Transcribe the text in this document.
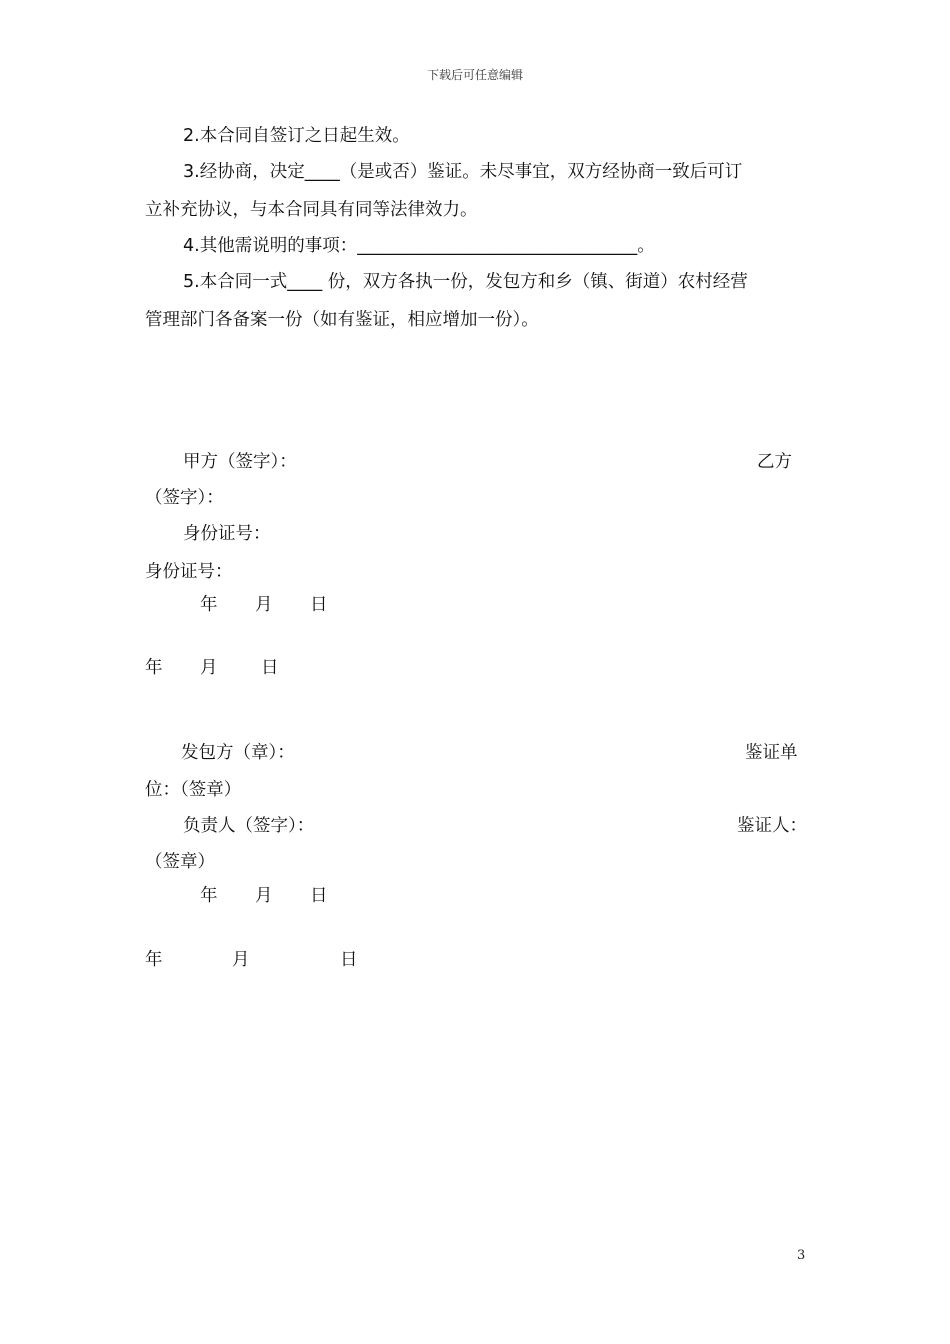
下载后可任意编辑
2.本合同自签订之日起生效。
3.经协商，决定____（是或否）鉴证。未尽事宜，双方经协商一致后可订
立补充协议，与本合同具有同等法律效力。
4.其他需说明的事项：________________________________。
5.本合同一式____ 份，双方各执一份，发包方和乡（镇、街道）农村经营
管理部门各备案一份（如有鉴证，相应增加一份）。
甲方（签字）：	乙方
（签字）：
身份证号：
身份证号：
年 月 日
年 月 日
发包方（章）：	鉴证单
位：（签章）
负责人（签字）：	鉴证人：
（签章）
年 月 日
年	月	日
3
